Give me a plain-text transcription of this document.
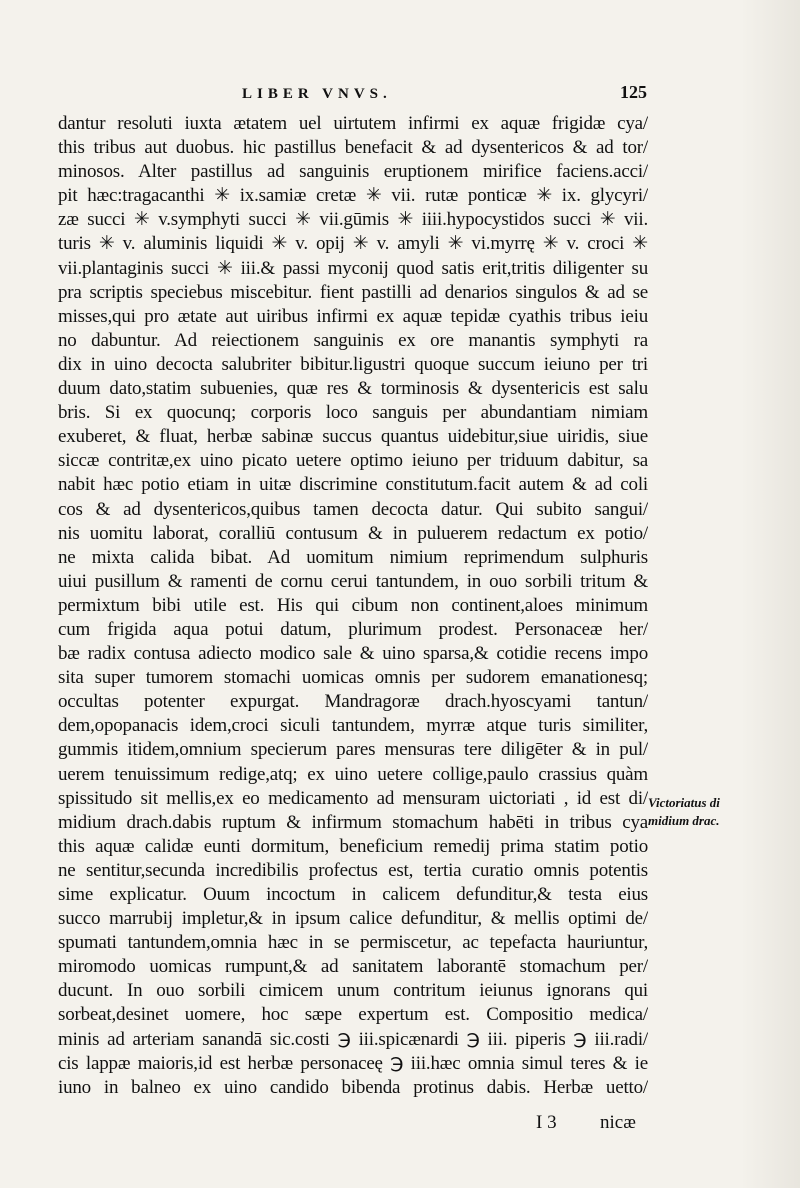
LIBER VNVS.	125
dantur resoluti iuxta ætatem uel uirtutem infirmi ex aquæ frigidæ cya/
this tribus aut duobus. hic pastillus benefacit & ad dysentericos & ad tor/
minosos. Alter pastillus ad sanguinis eruptionem mirifice faciens.acci/
pit hæc:tragacanthi ✳ ix.samiæ cretæ ✳ vii. rutæ ponticæ ✳ ix. glycyri/
zæ succi ✳ v.symphyti succi ✳ vii.gūmis ✳ iiii.hypocystidos succi ✳ vii.
turis ✳ v. aluminis liquidi ✳ v. opij ✳ v. amyli ✳ vi.myrrę ✳ v. croci ✳
vii.plantaginis succi ✳ iii.& passi myconij quod satis erit,tritis diligenter su
pra scriptis speciebus miscebitur. fient pastilli ad denarios singulos & ad se
misses,qui pro ætate aut uiribus infirmi ex aquæ tepidæ cyathis tribus ieiu
no dabuntur. Ad reiectionem sanguinis ex ore manantis symphyti ra
dix in uino decocta salubriter bibitur.ligustri quoque succum ieiuno per tri
duum dato,statim subuenies, quæ res & torminosis & dysentericis est salu
bris. Si ex quocunq; corporis loco sanguis per abundantiam nimiam
exuberet, & fluat, herbæ sabinæ succus quantus uidebitur,siue uiridis, siue
siccæ contritæ,ex uino picato uetere optimo ieiuno per triduum dabitur, sa
nabit hæc potio etiam in uitæ discrimine constitutum.facit autem & ad coli
cos & ad dysentericos,quibus tamen decocta datur. Qui subito sangui/
nis uomitu laborat, coralliū contusum & in puluerem redactum ex potio/
ne mixta calida bibat. Ad uomitum nimium reprimendum sulphuris
uiui pusillum & ramenti de cornu cerui tantundem, in ouo sorbili tritum &
permixtum bibi utile est. His qui cibum non continent,aloes minimum
cum frigida aqua potui datum, plurimum prodest. Personaceæ her/
bæ radix contusa adiecto modico sale & uino sparsa,& cotidie recens impo
sita super tumorem stomachi uomicas omnis per sudorem emanationesq;
occultas potenter expurgat. Mandragoræ drach.hyoscyami tantun/
dem,opopanacis idem,croci siculi tantundem, myrræ atque turis similiter,
gummis itidem,omnium specierum pares mensuras tere diligēter & in pul/
uerem tenuissimum redige,atq; ex uino uetere collige,paulo crassius quàm
spissitudo sit mellis,ex eo medicamento ad mensuram uictoriati , id est di/
midium drach.dabis ruptum & infirmum stomachum habēti in tribus cya
this aquæ calidæ eunti dormitum, beneficium remedij prima statim potio
ne sentitur,secunda incredibilis profectus est, tertia curatio omnis potentis
sime explicatur. Ouum incoctum in calicem defunditur,& testa eius
succo marrubij impletur,& in ipsum calice defunditur, & mellis optimi de/
spumati tantundem,omnia hæc in se permiscetur, ac tepefacta hauriuntur,
miromodo uomicas rumpunt,& ad sanitatem laborantē stomachum per/
ducunt. In ouo sorbili cimicem unum contritum ieiunus ignorans qui
sorbeat,desinet uomere, hoc sæpe expertum est. Compositio medica/
minis ad arteriam sanandā sic.costi ℈ iii.spicænardi ℈ iii. piperis ℈ iii.radi/
cis lappæ maioris,id est herbæ personaceę ℈ iii.hæc omnia simul teres & ie
iuno in balneo ex uino candido bibenda protinus dabis. Herbæ uetto/
Victoriatus di midium drac.
I 3 nicæ
